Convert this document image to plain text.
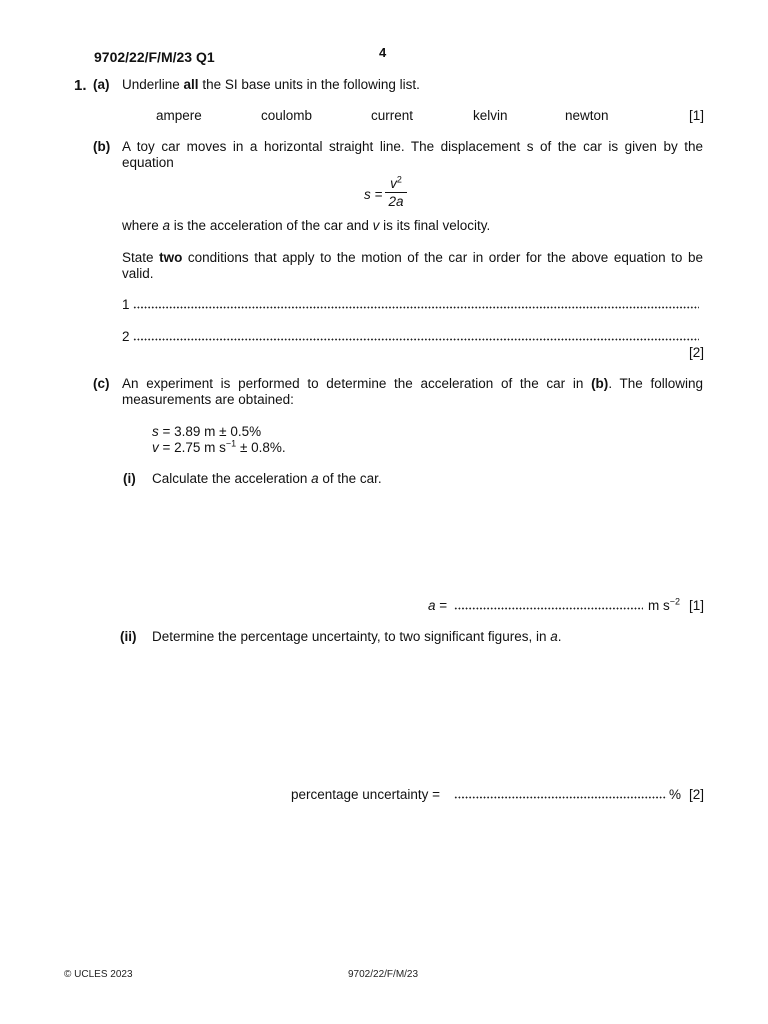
9702/22/F/M/23 Q1	4
1. (a) Underline all the SI base units in the following list.
ampere	coulomb	current	kelvin	newton	[1]
(b) A toy car moves in a horizontal straight line. The displacement s of the car is given by the
equation
s =
$v^2$
2a
where a is the acceleration of the car and v is its final velocity.
State two conditions that apply to the motion of the car in order for the above equation to be
valid.
1
2
[2]
(c) An experiment is performed to determine the acceleration of the car in (b). The following
measurements are obtained:
s = 3.89 m ± 0.5%
v = 2.75 m $s^{-1} \pm 0.8\%$.
(i) Calculate the acceleration a of the car.
a =	m $s^{-2}$ [1]
(ii) Determine the percentage uncertainty, to two significant figures, in a.
percentage uncertainty =	% [2]
© UCLES 2023	9702/22/F/M/23
